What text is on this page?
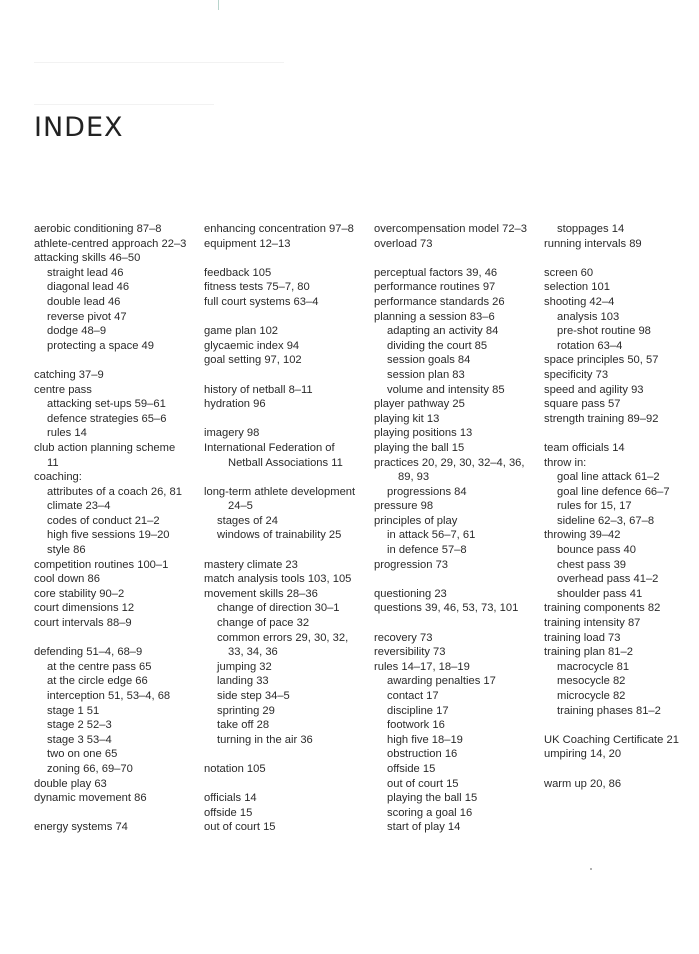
INDEX
aerobic conditioning 87–8
athlete-centred approach 22–3
attacking skills 46–50
straight lead 46
diagonal lead 46
double lead 46
reverse pivot 47
dodge 48–9
protecting a space 49
catching 37–9
centre pass
attacking set-ups 59–61
defence strategies 65–6
rules 14
club action planning scheme
11
coaching:
attributes of a coach 26, 81
climate 23–4
codes of conduct 21–2
high five sessions 19–20
style 86
competition routines 100–1
cool down 86
core stability 90–2
court dimensions 12
court intervals 88–9
defending 51–4, 68–9
at the centre pass 65
at the circle edge 66
interception 51, 53–4, 68
stage 1 51
stage 2 52–3
stage 3 53–4
two on one 65
zoning 66, 69–70
double play 63
dynamic movement 86
energy systems 74
enhancing concentration 97–8
equipment 12–13
feedback 105
fitness tests 75–7, 80
full court systems 63–4
game plan 102
glycaemic index 94
goal setting 97, 102
history of netball 8–11
hydration 96
imagery 98
International Federation of
Netball Associations 11
long-term athlete development
24–5
stages of 24
windows of trainability 25
mastery climate 23
match analysis tools 103, 105
movement skills 28–36
change of direction 30–1
change of pace 32
common errors 29, 30, 32,
33, 34, 36
jumping 32
landing 33
side step 34–5
sprinting 29
take off 28
turning in the air 36
notation 105
officials 14
offside 15
out of court 15
overcompensation model 72–3
overload 73
perceptual factors 39, 46
performance routines 97
performance standards 26
planning a session 83–6
adapting an activity 84
dividing the court 85
session goals 84
session plan 83
volume and intensity 85
player pathway 25
playing kit 13
playing positions 13
playing the ball 15
practices 20, 29, 30, 32–4, 36,
89, 93
progressions 84
pressure 98
principles of play
in attack 56–7, 61
in defence 57–8
progression 73
questioning 23
questions 39, 46, 53, 73, 101
recovery 73
reversibility 73
rules 14–17, 18–19
awarding penalties 17
contact 17
discipline 17
footwork 16
high five 18–19
obstruction 16
offside 15
out of court 15
playing the ball 15
scoring a goal 16
start of play 14
stoppages 14
running intervals 89
screen 60
selection 101
shooting 42–4
analysis 103
pre-shot routine 98
rotation 63–4
space principles 50, 57
specificity 73
speed and agility 93
square pass 57
strength training 89–92
team officials 14
throw in:
goal line attack 61–2
goal line defence 66–7
rules for 15, 17
sideline 62–3, 67–8
throwing 39–42
bounce pass 40
chest pass 39
overhead pass 41–2
shoulder pass 41
training components 82
training intensity 87
training load 73
training plan 81–2
macrocycle 81
mesocycle 82
microcycle 82
training phases 81–2
UK Coaching Certificate 21
umpiring 14, 20
warm up 20, 86
